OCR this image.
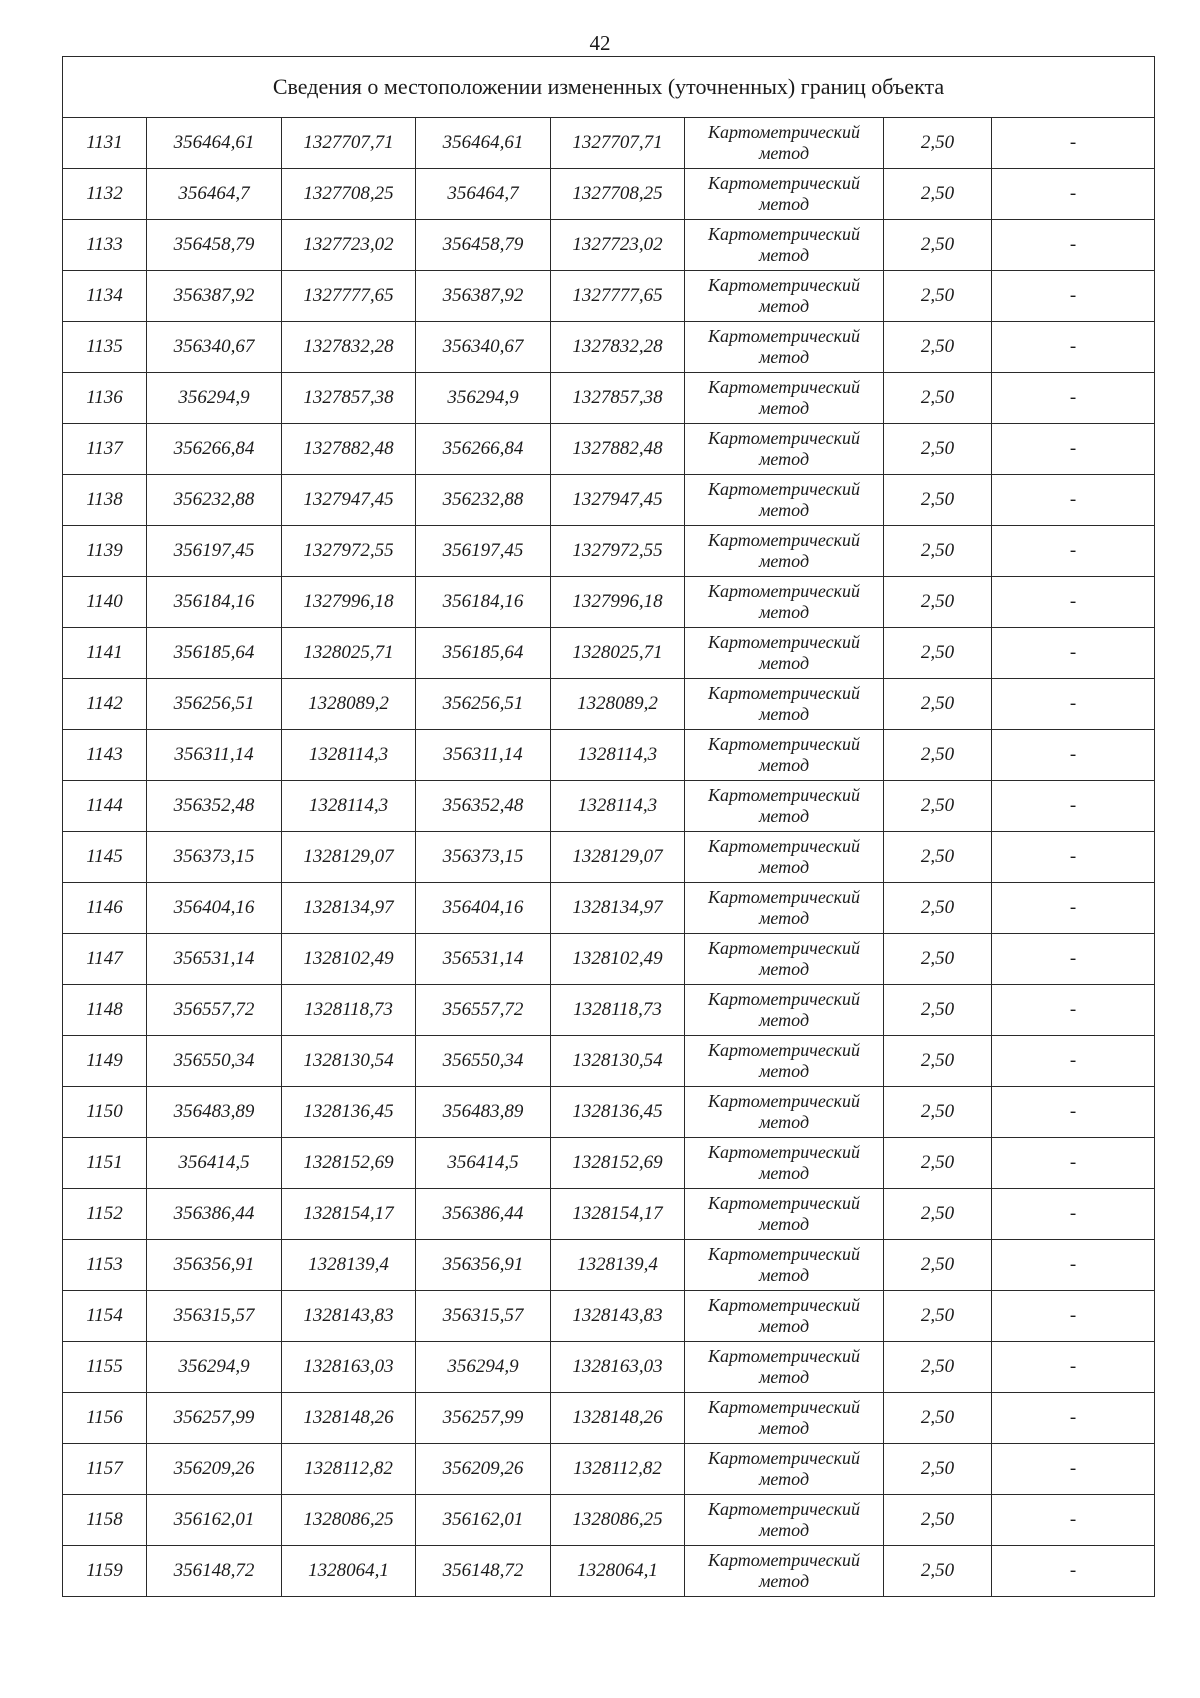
42
Сведения о местоположении измененных (уточненных) границ объекта							
1131	356464,61	1327707,71	356464,61	1327707,71	Картометрический метод	2,50	-
1132	356464,7	1327708,25	356464,7	1327708,25	Картометрический метод	2,50	-
1133	356458,79	1327723,02	356458,79	1327723,02	Картометрический метод	2,50	-
1134	356387,92	1327777,65	356387,92	1327777,65	Картометрический метод	2,50	-
1135	356340,67	1327832,28	356340,67	1327832,28	Картометрический метод	2,50	-
1136	356294,9	1327857,38	356294,9	1327857,38	Картометрический метод	2,50	-
1137	356266,84	1327882,48	356266,84	1327882,48	Картометрический метод	2,50	-
1138	356232,88	1327947,45	356232,88	1327947,45	Картометрический метод	2,50	-
1139	356197,45	1327972,55	356197,45	1327972,55	Картометрический метод	2,50	-
1140	356184,16	1327996,18	356184,16	1327996,18	Картометрический метод	2,50	-
1141	356185,64	1328025,71	356185,64	1328025,71	Картометрический метод	2,50	-
1142	356256,51	1328089,2	356256,51	1328089,2	Картометрический метод	2,50	-
1143	356311,14	1328114,3	356311,14	1328114,3	Картометрический метод	2,50	-
1144	356352,48	1328114,3	356352,48	1328114,3	Картометрический метод	2,50	-
1145	356373,15	1328129,07	356373,15	1328129,07	Картометрический метод	2,50	-
1146	356404,16	1328134,97	356404,16	1328134,97	Картометрический метод	2,50	-
1147	356531,14	1328102,49	356531,14	1328102,49	Картометрический метод	2,50	-
1148	356557,72	1328118,73	356557,72	1328118,73	Картометрический метод	2,50	-
1149	356550,34	1328130,54	356550,34	1328130,54	Картометрический метод	2,50	-
1150	356483,89	1328136,45	356483,89	1328136,45	Картометрический метод	2,50	-
1151	356414,5	1328152,69	356414,5	1328152,69	Картометрический метод	2,50	-
1152	356386,44	1328154,17	356386,44	1328154,17	Картометрический метод	2,50	-
1153	356356,91	1328139,4	356356,91	1328139,4	Картометрический метод	2,50	-
1154	356315,57	1328143,83	356315,57	1328143,83	Картометрический метод	2,50	-
1155	356294,9	1328163,03	356294,9	1328163,03	Картометрический метод	2,50	-
1156	356257,99	1328148,26	356257,99	1328148,26	Картометрический метод	2,50	-
1157	356209,26	1328112,82	356209,26	1328112,82	Картометрический метод	2,50	-
1158	356162,01	1328086,25	356162,01	1328086,25	Картометрический метод	2,50	-
1159	356148,72	1328064,1	356148,72	1328064,1	Картометрический метод	2,50	-
